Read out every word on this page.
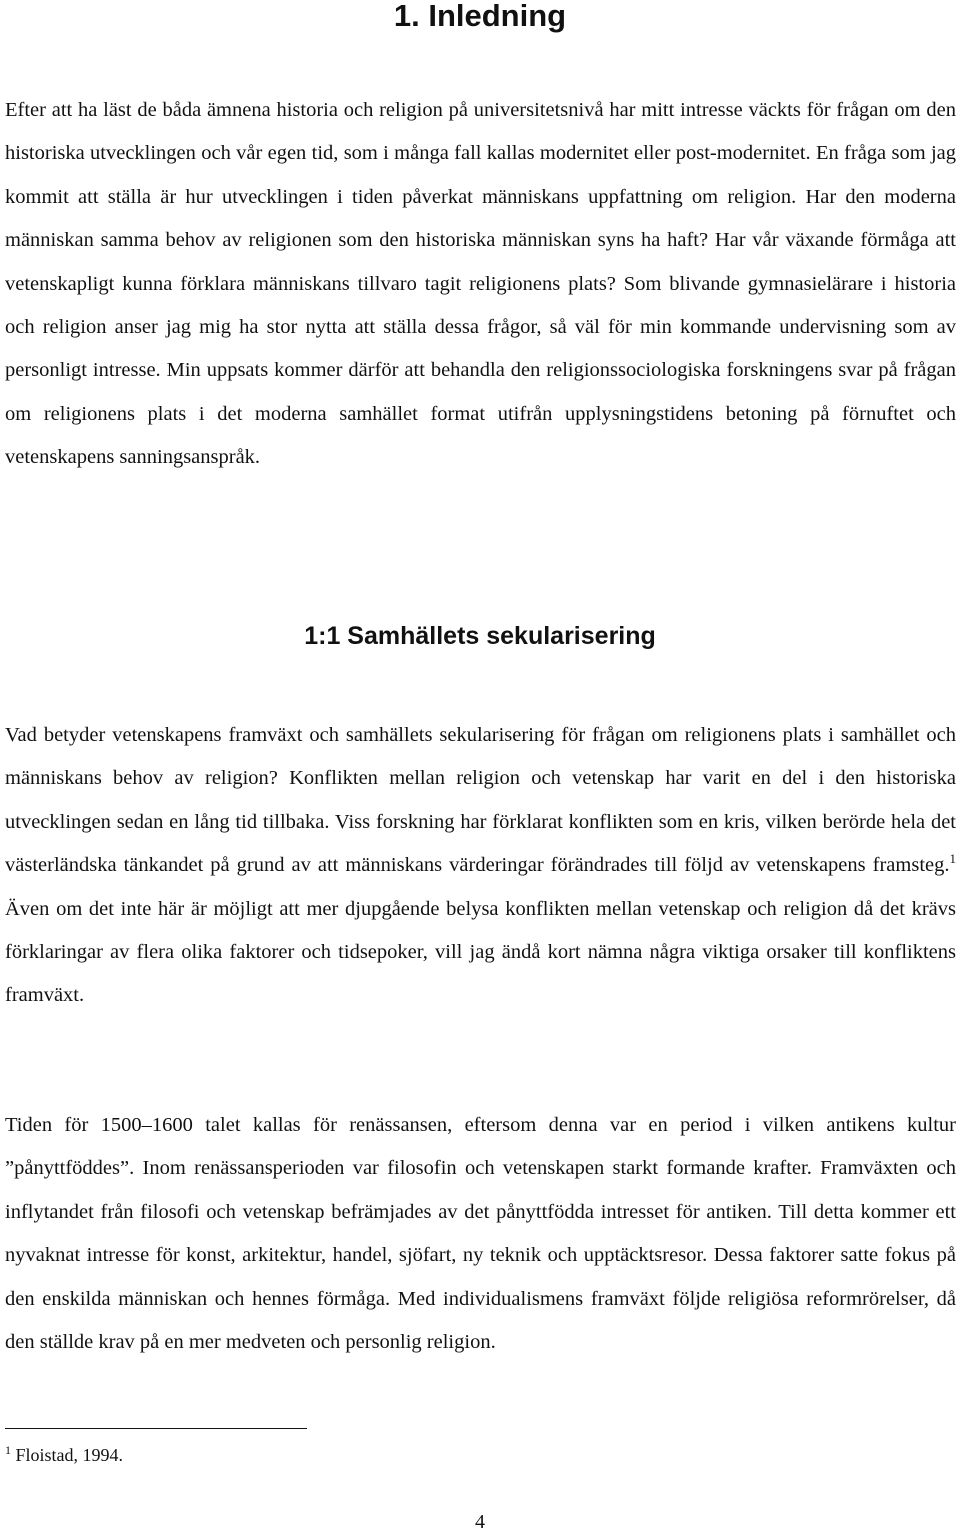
1. Inledning

Efter att ha läst de båda ämnena historia och religion på universitetsnivå har mitt intresse väckts för frågan om den historiska utvecklingen och vår egen tid, som i många fall kallas modernitet eller post-modernitet. En fråga som jag kommit att ställa är hur utvecklingen i tiden påverkat människans uppfattning om religion. Har den moderna människan samma behov av religionen som den historiska människan syns ha haft? Har vår växande förmåga att vetenskapligt kunna förklara människans tillvaro tagit religionens plats? Som blivande gymnasielärare i historia och religion anser jag mig ha stor nytta att ställa dessa frågor, så väl för min kommande undervisning som av personligt intresse. Min uppsats kommer därför att behandla den religionssociologiska forskningens svar på frågan om religionens plats i det moderna samhället format utifrån upplysningstidens betoning på förnuftet och vetenskapens sanningsanspråk.

1:1 Samhällets sekularisering

Vad betyder vetenskapens framväxt och samhällets sekularisering för frågan om religionens plats i samhället och människans behov av religion? Konflikten mellan religion och vetenskap har varit en del i den historiska utvecklingen sedan en lång tid tillbaka. Viss forskning har förklarat konflikten som en kris, vilken berörde hela det västerländska tänkandet på grund av att människans värderingar förändrades till följd av vetenskapens framsteg.$^1$ Även om det inte här är möjligt att mer djupgående belysa konflikten mellan vetenskap och religion då det krävs förklaringar av flera olika faktorer och tidsepoker, vill jag ändå kort nämna några viktiga orsaker till konfliktens framväxt.

Tiden för 1500–1600 talet kallas för renässansen, eftersom denna var en period i vilken antikens kultur ”pånyttföddes”. Inom renässansperioden var filosofin och vetenskapen starkt formande krafter. Framväxten och inflytandet från filosofi och vetenskap befrämjades av det pånyttfödda intresset för antiken. Till detta kommer ett nyvaknat intresse för konst, arkitektur, handel, sjöfart, ny teknik och upptäcktsresor. Dessa faktorer satte fokus på den enskilda människan och hennes förmåga. Med individualismens framväxt följde religiösa reformrörelser, då den ställde krav på en mer medveten och personlig religion.

$^1$ Floistad, 1994.
4
